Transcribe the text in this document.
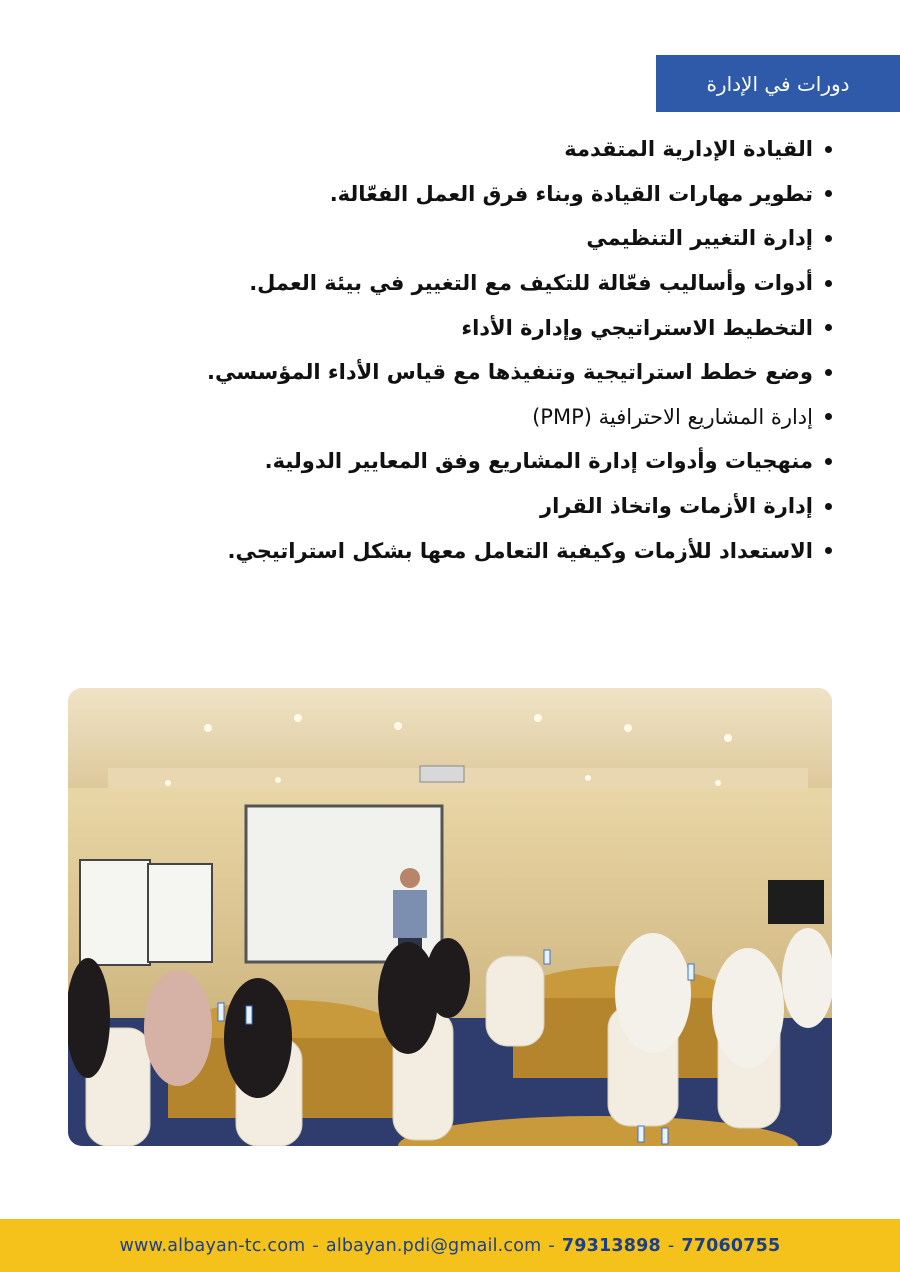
دورات في الإدارة
القيادة الإدارية المتقدمة
تطوير مهارات القيادة وبناء فرق العمل الفعّالة.
إدارة التغيير التنظيمي
أدوات وأساليب فعّالة للتكيف مع التغيير في بيئة العمل.
التخطيط الاستراتيجي وإدارة الأداء
وضع خطط استراتيجية وتنفيذها مع قياس الأداء المؤسسي.
إدارة المشاريع الاحترافية (PMP)
منهجيات وأدوات إدارة المشاريع وفق المعايير الدولية.
إدارة الأزمات واتخاذ القرار
الاستعداد للأزمات وكيفية التعامل معها بشكل استراتيجي.
www.albayan-tc.com - albayan.pdi@gmail.com - 79313898 - 77060755
